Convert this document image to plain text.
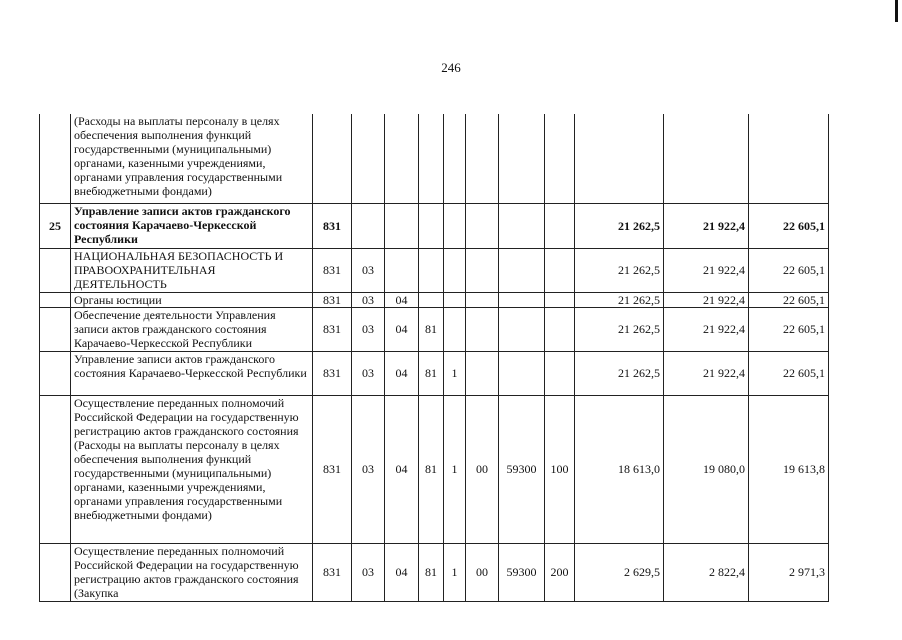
246
	(Расходы на выплаты персоналу в целях обеспечения выполнения функций государственными (муниципальными) органами, казенными учреждениями, органами управления государственными внебюджетными фондами)											
25	Управление записи актов гражданского состояния Карачаево-Черкесской Республики	831								21 262,5	21 922,4	22 605,1
	НАЦИОНАЛЬНАЯ БЕЗОПАСНОСТЬ И ПРАВООХРАНИТЕЛЬНАЯ ДЕЯТЕЛЬНОСТЬ	831	03							21 262,5	21 922,4	22 605,1
	Органы юстиции	831	03	04						21 262,5	21 922,4	22 605,1
	Обеспечение деятельности Управления записи актов гражданского состояния Карачаево-Черкесской Республики	831	03	04	81					21 262,5	21 922,4	22 605,1
	Управление записи актов гражданского состояния Карачаево-Черкесской Республики	831	03	04	81	1				21 262,5	21 922,4	22 605,1
	Осуществление переданных полномочий Российской Федерации на государственную регистрацию актов гражданского состояния (Расходы на выплаты персоналу в целях обеспечения выполнения функций государственными (муниципальными) органами, казенными учреждениями, органами управления государственными внебюджетными фондами)	831	03	04	81	1	00	59300	100	18 613,0	19 080,0	19 613,8
	Осуществление переданных полномочий Российской Федерации на государственную регистрацию актов гражданского состояния (Закупка	831	03	04	81	1	00	59300	200	2 629,5	2 822,4	2 971,3
